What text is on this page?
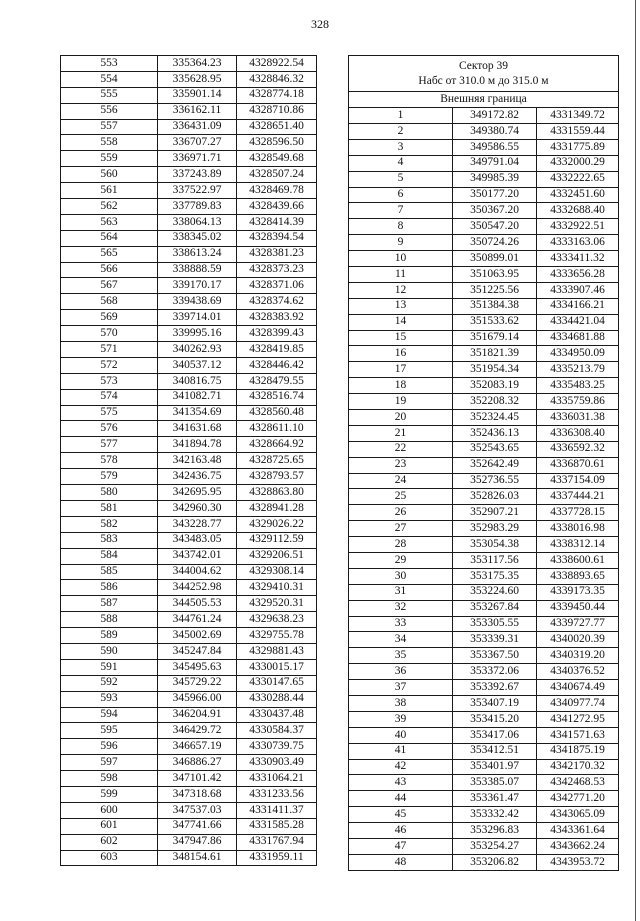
328
553	335364.23	4328922.54
554	335628.95	4328846.32
555	335901.14	4328774.18
556	336162.11	4328710.86
557	336431.09	4328651.40
558	336707.27	4328596.50
559	336971.71	4328549.68
560	337243.89	4328507.24
561	337522.97	4328469.78
562	337789.83	4328439.66
563	338064.13	4328414.39
564	338345.02	4328394.54
565	338613.24	4328381.23
566	338888.59	4328373.23
567	339170.17	4328371.06
568	339438.69	4328374.62
569	339714.01	4328383.92
570	339995.16	4328399.43
571	340262.93	4328419.85
572	340537.12	4328446.42
573	340816.75	4328479.55
574	341082.71	4328516.74
575	341354.69	4328560.48
576	341631.68	4328611.10
577	341894.78	4328664.92
578	342163.48	4328725.65
579	342436.75	4328793.57
580	342695.95	4328863.80
581	342960.30	4328941.28
582	343228.77	4329026.22
583	343483.05	4329112.59
584	343742.01	4329206.51
585	344004.62	4329308.14
586	344252.98	4329410.31
587	344505.53	4329520.31
588	344761.24	4329638.23
589	345002.69	4329755.78
590	345247.84	4329881.43
591	345495.63	4330015.17
592	345729.22	4330147.65
593	345966.00	4330288.44
594	346204.91	4330437.48
595	346429.72	4330584.37
596	346657.19	4330739.75
597	346886.27	4330903.49
598	347101.42	4331064.21
599	347318.68	4331233.56
600	347537.03	4331411.37
601	347741.66	4331585.28
602	347947.86	4331767.94
603	348154.61	4331959.11
Сектор 39
Набс от 310.0 м до 315.0 м		

Внешняя граница		
1	349172.82	4331349.72
2	349380.74	4331559.44
3	349586.55	4331775.89
4	349791.04	4332000.29
5	349985.39	4332222.65
6	350177.20	4332451.60
7	350367.20	4332688.40
8	350547.20	4332922.51
9	350724.26	4333163.06
10	350899.01	4333411.32
11	351063.95	4333656.28
12	351225.56	4333907.46
13	351384.38	4334166.21
14	351533.62	4334421.04
15	351679.14	4334681.88
16	351821.39	4334950.09
17	351954.34	4335213.79
18	352083.19	4335483.25
19	352208.32	4335759.86
20	352324.45	4336031.38
21	352436.13	4336308.40
22	352543.65	4336592.32
23	352642.49	4336870.61
24	352736.55	4337154.09
25	352826.03	4337444.21
26	352907.21	4337728.15
27	352983.29	4338016.98
28	353054.38	4338312.14
29	353117.56	4338600.61
30	353175.35	4338893.65
31	353224.60	4339173.35
32	353267.84	4339450.44
33	353305.55	4339727.77
34	353339.31	4340020.39
35	353367.50	4340319.20
36	353372.06	4340376.52
37	353392.67	4340674.49
38	353407.19	4340977.74
39	353415.20	4341272.95
40	353417.06	4341571.63
41	353412.51	4341875.19
42	353401.97	4342170.32
43	353385.07	4342468.53
44	353361.47	4342771.20
45	353332.42	4343065.09
46	353296.83	4343361.64
47	353254.27	4343662.24
48	353206.82	4343953.72
